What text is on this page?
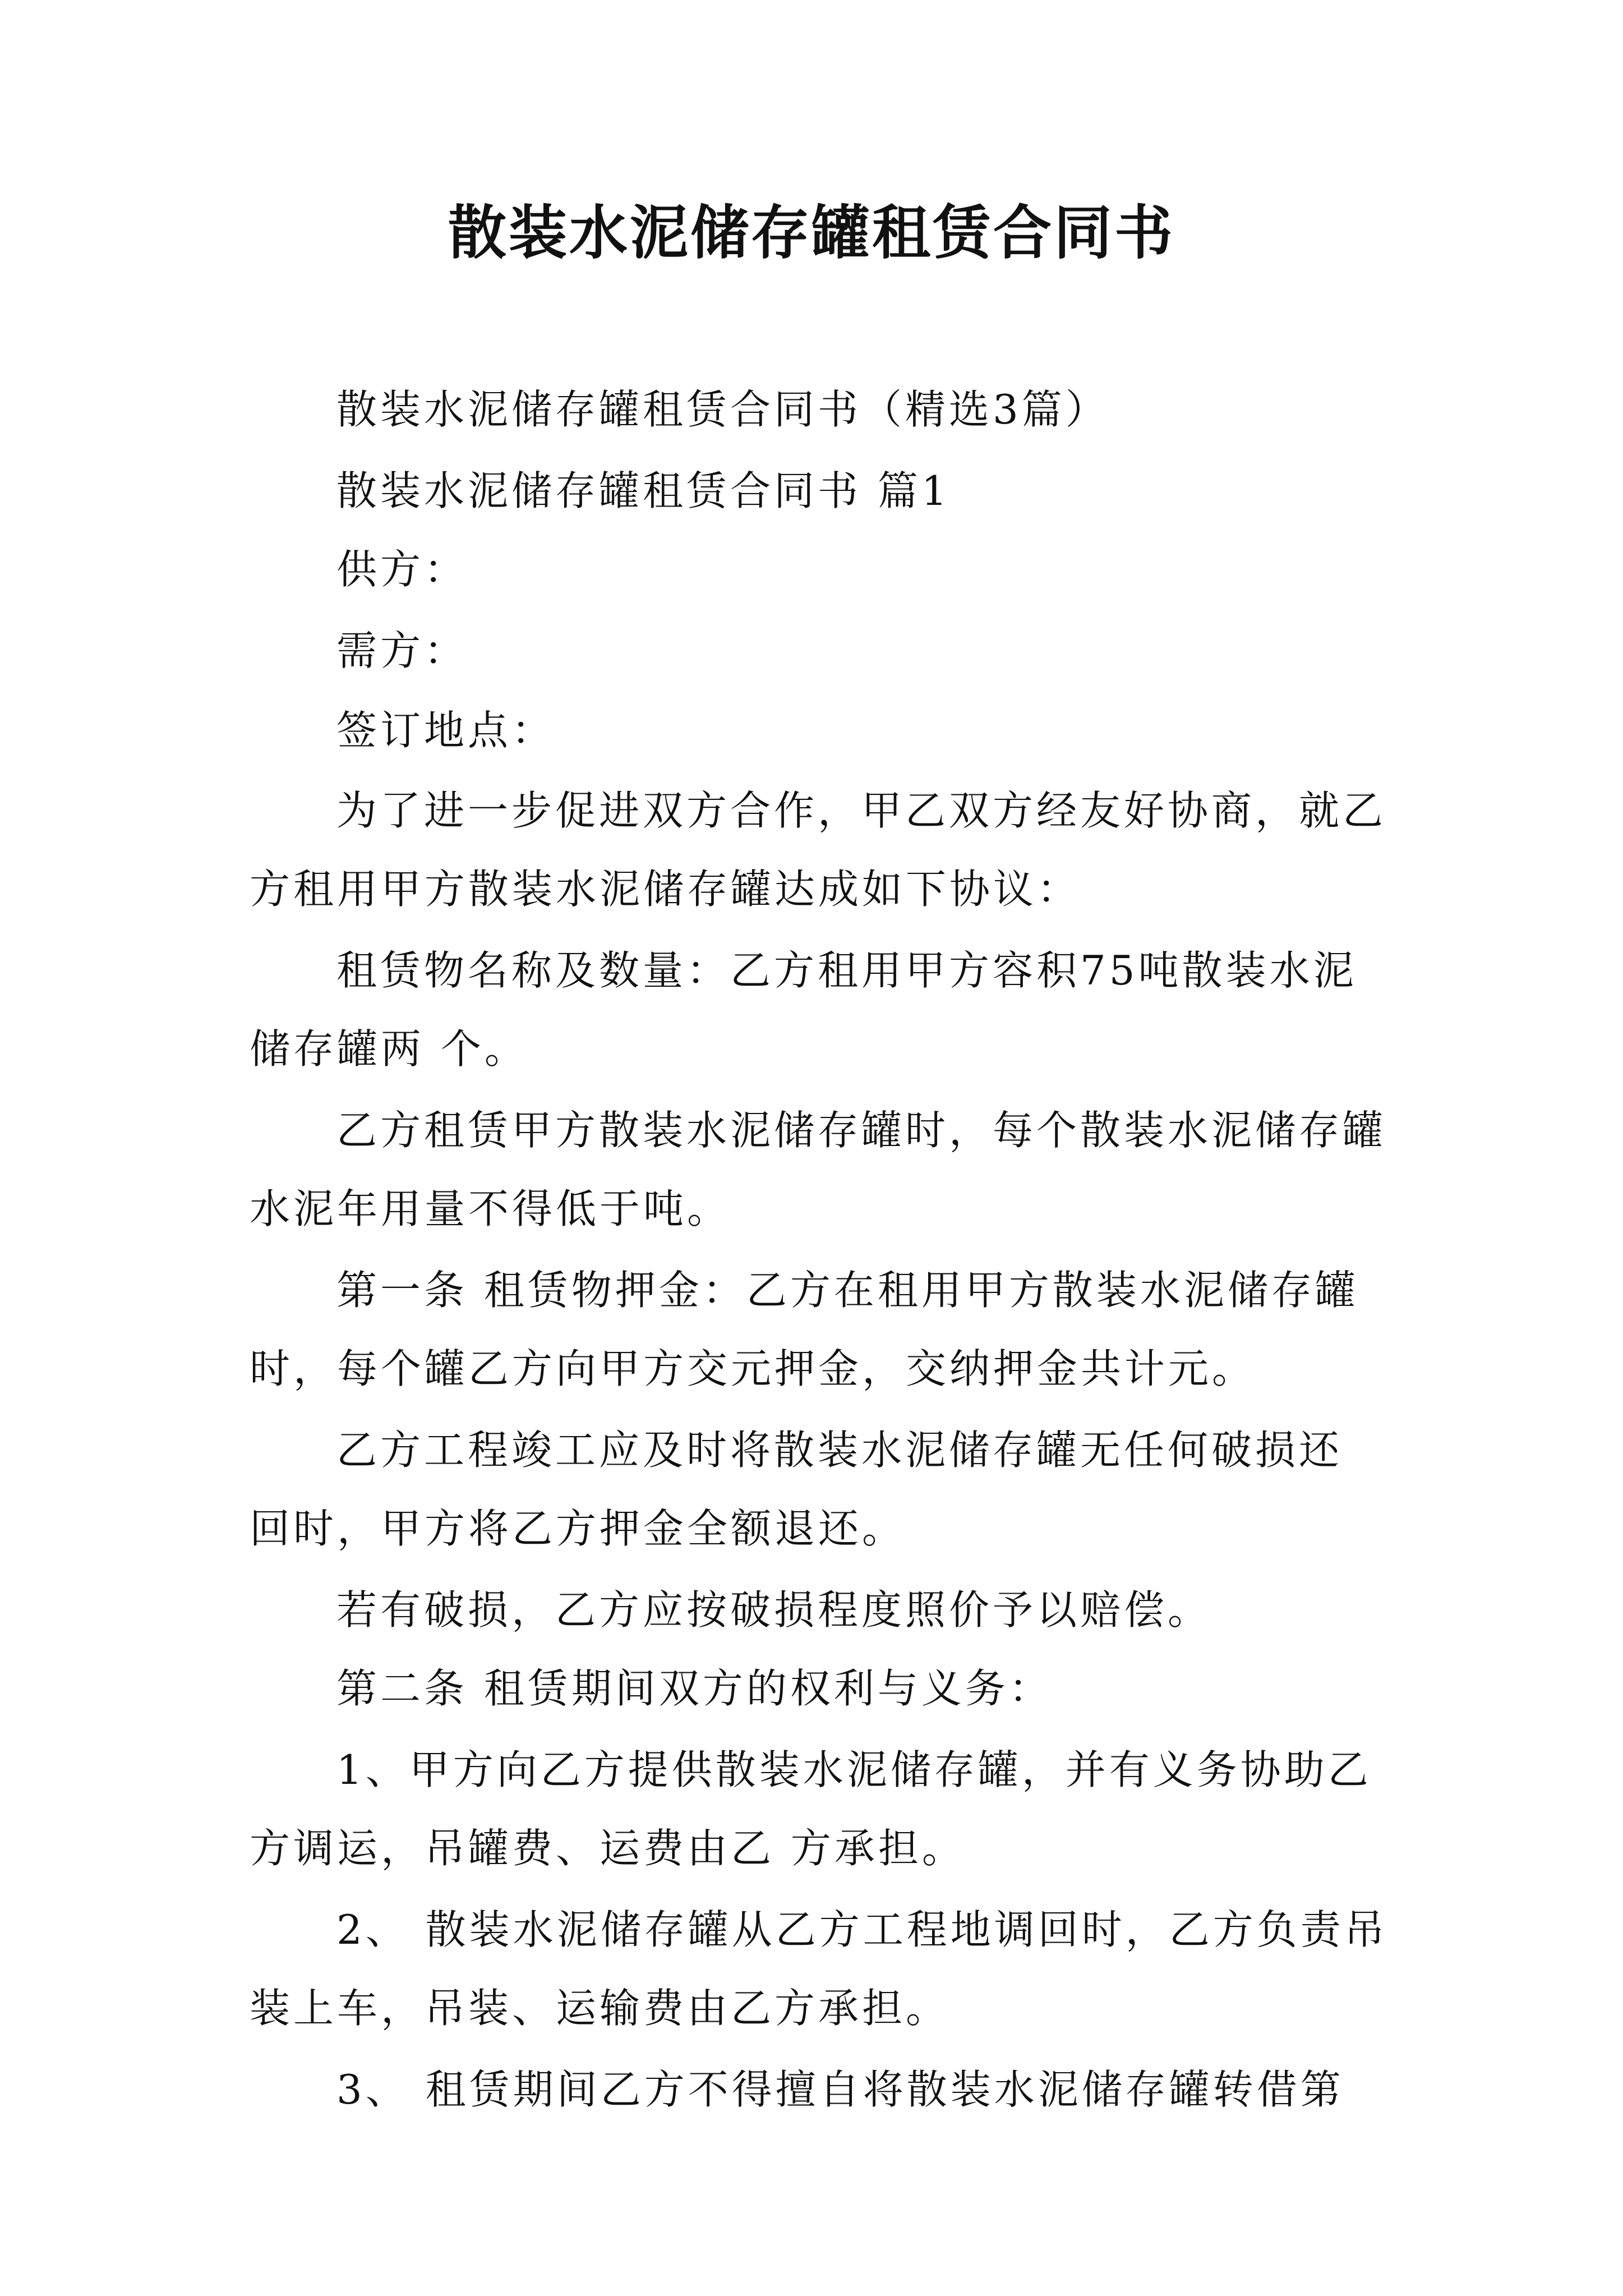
散装水泥储存罐租赁合同书

散装水泥储存罐租赁合同书（精选3篇）

散装水泥储存罐租赁合同书 篇1

供方：

需方：

签订地点：

为了进一步促进双方合作，甲乙双方经友好协商，就乙

方租用甲方散装水泥储存罐达成如下协议：

租赁物名称及数量：乙方租用甲方容积75吨散装水泥

储存罐两 个。

乙方租赁甲方散装水泥储存罐时，每个散装水泥储存罐

水泥年用量不得低于吨。

第一条 租赁物押金：乙方在租用甲方散装水泥储存罐

时，每个罐乙方向甲方交元押金，交纳押金共计元。

乙方工程竣工应及时将散装水泥储存罐无任何破损还

回时，甲方将乙方押金全额退还。

若有破损，乙方应按破损程度照价予以赔偿。

第二条 租赁期间双方的权利与义务：

1、甲方向乙方提供散装水泥储存罐，并有义务协助乙

方调运，吊罐费、运费由乙 方承担。

2、 散装水泥储存罐从乙方工程地调回时，乙方负责吊

装上车，吊装、运输费由乙方承担。

3、 租赁期间乙方不得擅自将散装水泥储存罐转借第
